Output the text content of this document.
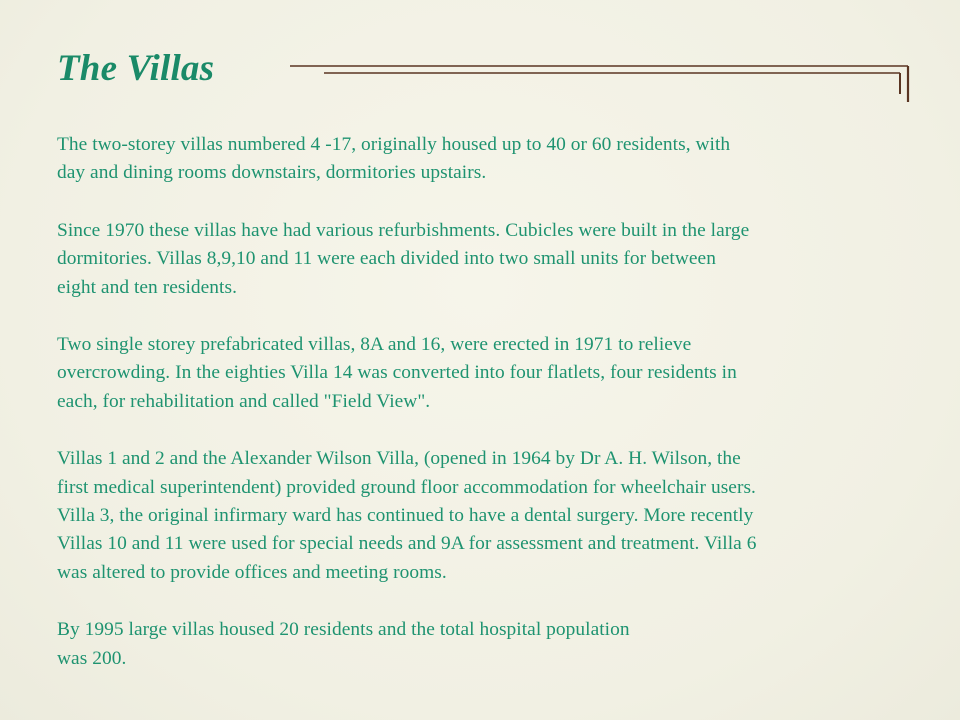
The Villas

The two-storey villas numbered 4 -17, originally housed up to 40 or 60 residents, with
day and dining rooms downstairs, dormitories upstairs.

Since 1970 these villas have had various refurbishments. Cubicles were built in the large
dormitories. Villas 8,9,10 and 11 were each divided into two small units for between
eight and ten residents.

Two single storey prefabricated villas, 8A and 16, were erected in 1971 to relieve
overcrowding. In the eighties Villa 14 was converted into four flatlets, four residents in
each, for rehabilitation and called "Field View".

Villas 1 and 2 and the Alexander Wilson Villa, (opened in 1964 by Dr A. H. Wilson, the
first medical superintendent) provided ground floor accommodation for wheelchair users.
Villa 3, the original infirmary ward has continued to have a dental surgery. More recently
Villas 10 and 11 were used for special needs and 9A for assessment and treatment. Villa 6
was altered to provide offices and meeting rooms.

By 1995 large villas housed 20 residents and the total hospital population
was 200.
